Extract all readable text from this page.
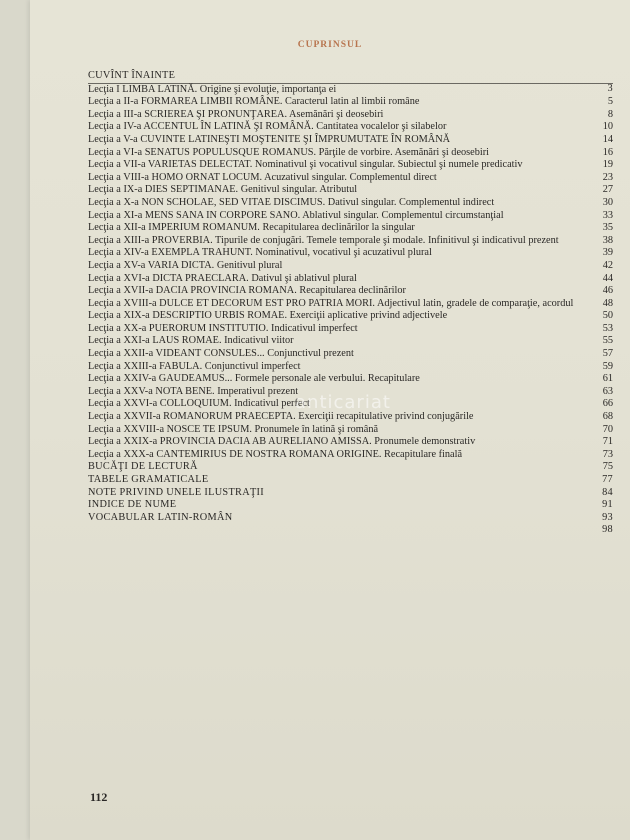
CUPRINSUL
CUVÎNT ÎNAINTE
3
Lecţia I LIMBA LATINĂ. Origine şi evoluţie, importanţa ei
5
Lecţia a II-a FORMAREA LIMBII ROMÂNE. Caracterul latin al limbii române
8
Lecţia a III-a SCRIEREA ŞI PRONUNŢAREA. Asemănări şi deosebiri
10
Lecţia a IV-a ACCENTUL ÎN LATINĂ ŞI ROMÂNĂ. Cantitatea vocalelor şi silabelor
14
Lecţia a V-a CUVINTE LATINEŞTI MOŞTENITE ŞI ÎMPRUMUTATE ÎN ROMÂNĂ
16
Lecţia a VI-a SENATUS POPULUSQUE ROMANUS. Părţile de vorbire. Asemănări şi deosebiri
19
Lecţia a VII-a VARIETAS DELECTAT. Nominativul şi vocativul singular. Subiectul şi numele predicativ
23
Lecţia a VIII-a HOMO ORNAT LOCUM. Acuzativul singular. Complementul direct
27
Lecţia a IX-a DIES SEPTIMANAE. Genitivul singular. Atributul
30
Lecţia a X-a NON SCHOLAE, SED VITAE DISCIMUS. Dativul singular. Complementul indirect
33
Lecţia a XI-a MENS SANA IN CORPORE SANO. Ablativul singular. Complementul circumstanţial
35
Lecţia a XII-a IMPERIUM ROMANUM. Recapitularea declinărilor la singular
38
Lecţia a XIII-a PROVERBIA. Tipurile de conjugări. Temele temporale şi modale. Infinitivul şi indicativul prezent
39
Lecţia a XIV-a EXEMPLA TRAHUNT. Nominativul, vocativul şi acuzativul plural
42
Lecţia a XV-a VARIA DICTA. Genitivul plural
44
Lecţia a XVI-a DICTA PRAECLARA. Dativul şi ablativul plural
46
Lecţia a XVII-a DACIA PROVINCIA ROMANA. Recapitularea declinărilor
48
Lecţia a XVIII-a DULCE ET DECORUM EST PRO PATRIA MORI. Adjectivul latin, gradele de comparaţie, acordul
50
Lecţia a XIX-a DESCRIPTIO URBIS ROMAE. Exerciţii aplicative privind adjectivele
53
Lecţia a XX-a PUERORUM INSTITUTIO. Indicativul imperfect
55
Lecţia a XXI-a LAUS ROMAE. Indicativul viitor
57
Lecţia a XXII-a VIDEANT CONSULES... Conjunctivul prezent
59
Lecţia a XXIII-a FABULA. Conjunctivul imperfect
61
Lecţia a XXIV-a GAUDEAMUS... Formele personale ale verbului. Recapitulare
63
Lecţia a XXV-a NOTA BENE. Imperativul prezent
66
Lecţia a XXVI-a COLLOQUIUM. Indicativul perfect
68
Lecţia a XXVII-a ROMANORUM PRAECEPTA. Exerciţii recapitulative privind conjugările
70
Lecţia a XXVIII-a NOSCE TE IPSUM. Pronumele în latină şi română
71
Lecţia a XXIX-a PROVINCIA DACIA AB AURELIANO AMISSA. Pronumele demonstrativ
73
Lecţia a XXX-a CANTEMIRIUS DE NOSTRA ROMANA ORIGINE. Recapitulare finală
75
BUCĂŢI DE LECTURĂ
77
TABELE GRAMATICALE
84
NOTE PRIVIND UNELE ILUSTRAŢII
91
INDICE DE NUME
93
VOCABULAR LATIN-ROMÂN
98
anticariat
112
